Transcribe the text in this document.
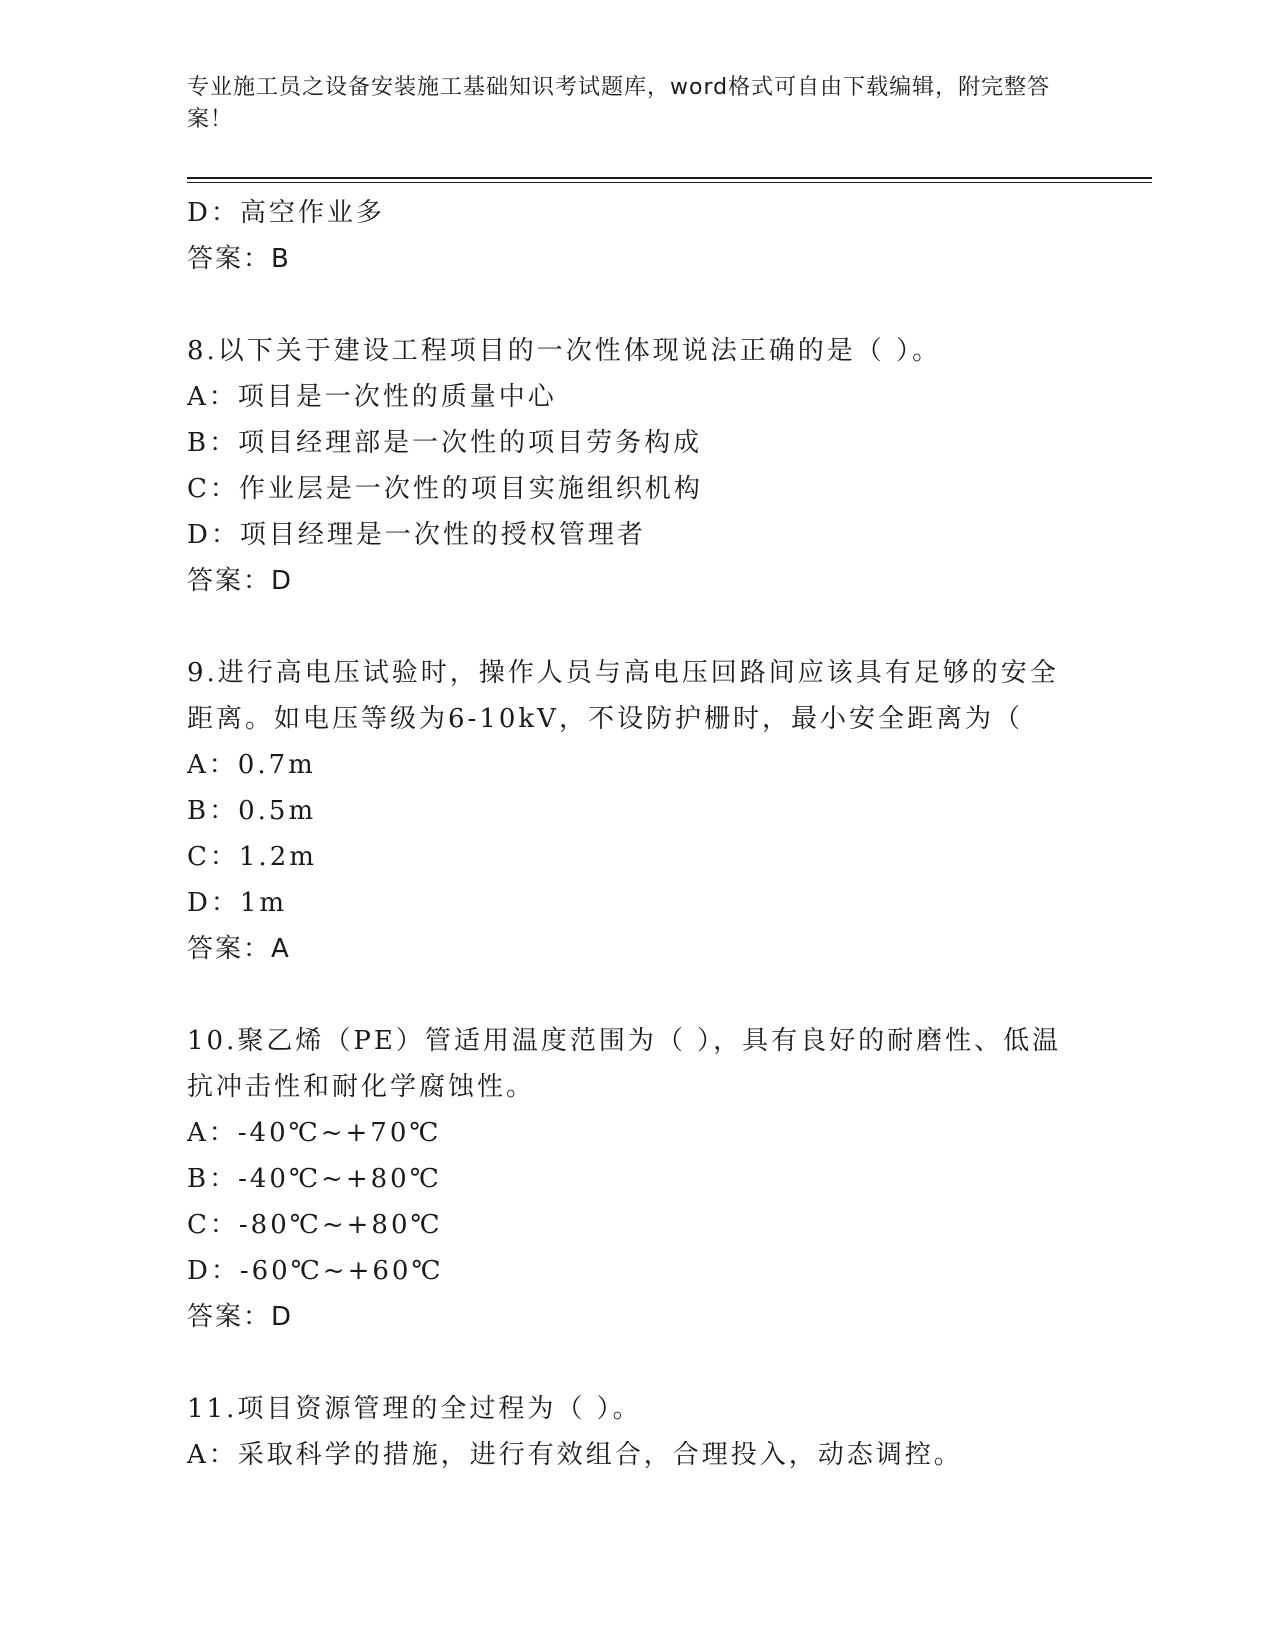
专业施工员之设备安装施工基础知识考试题库，word格式可自由下载编辑，附完整答案！
D：高空作业多
答案：B
8.以下关于建设工程项目的一次性体现说法正确的是（ ）。
A：项目是一次性的质量中心
B：项目经理部是一次性的项目劳务构成
C：作业层是一次性的项目实施组织机构
D：项目经理是一次性的授权管理者
答案：D
9.进行高电压试验时，操作人员与高电压回路间应该具有足够的安全距离。如电压等级为6-10kV，不设防护栅时，最小安全距离为（
A：0.7m
B：0.5m
C：1.2m
D：1m
答案：A
10.聚乙烯（PE）管适用温度范围为（ ），具有良好的耐磨性、低温抗冲击性和耐化学腐蚀性。
A：-40℃~+70℃
B：-40℃~+80℃
C：-80℃~+80℃
D：-60℃~+60℃
答案：D
11.项目资源管理的全过程为（ ）。
A：采取科学的措施，进行有效组合，合理投入，动态调控。
